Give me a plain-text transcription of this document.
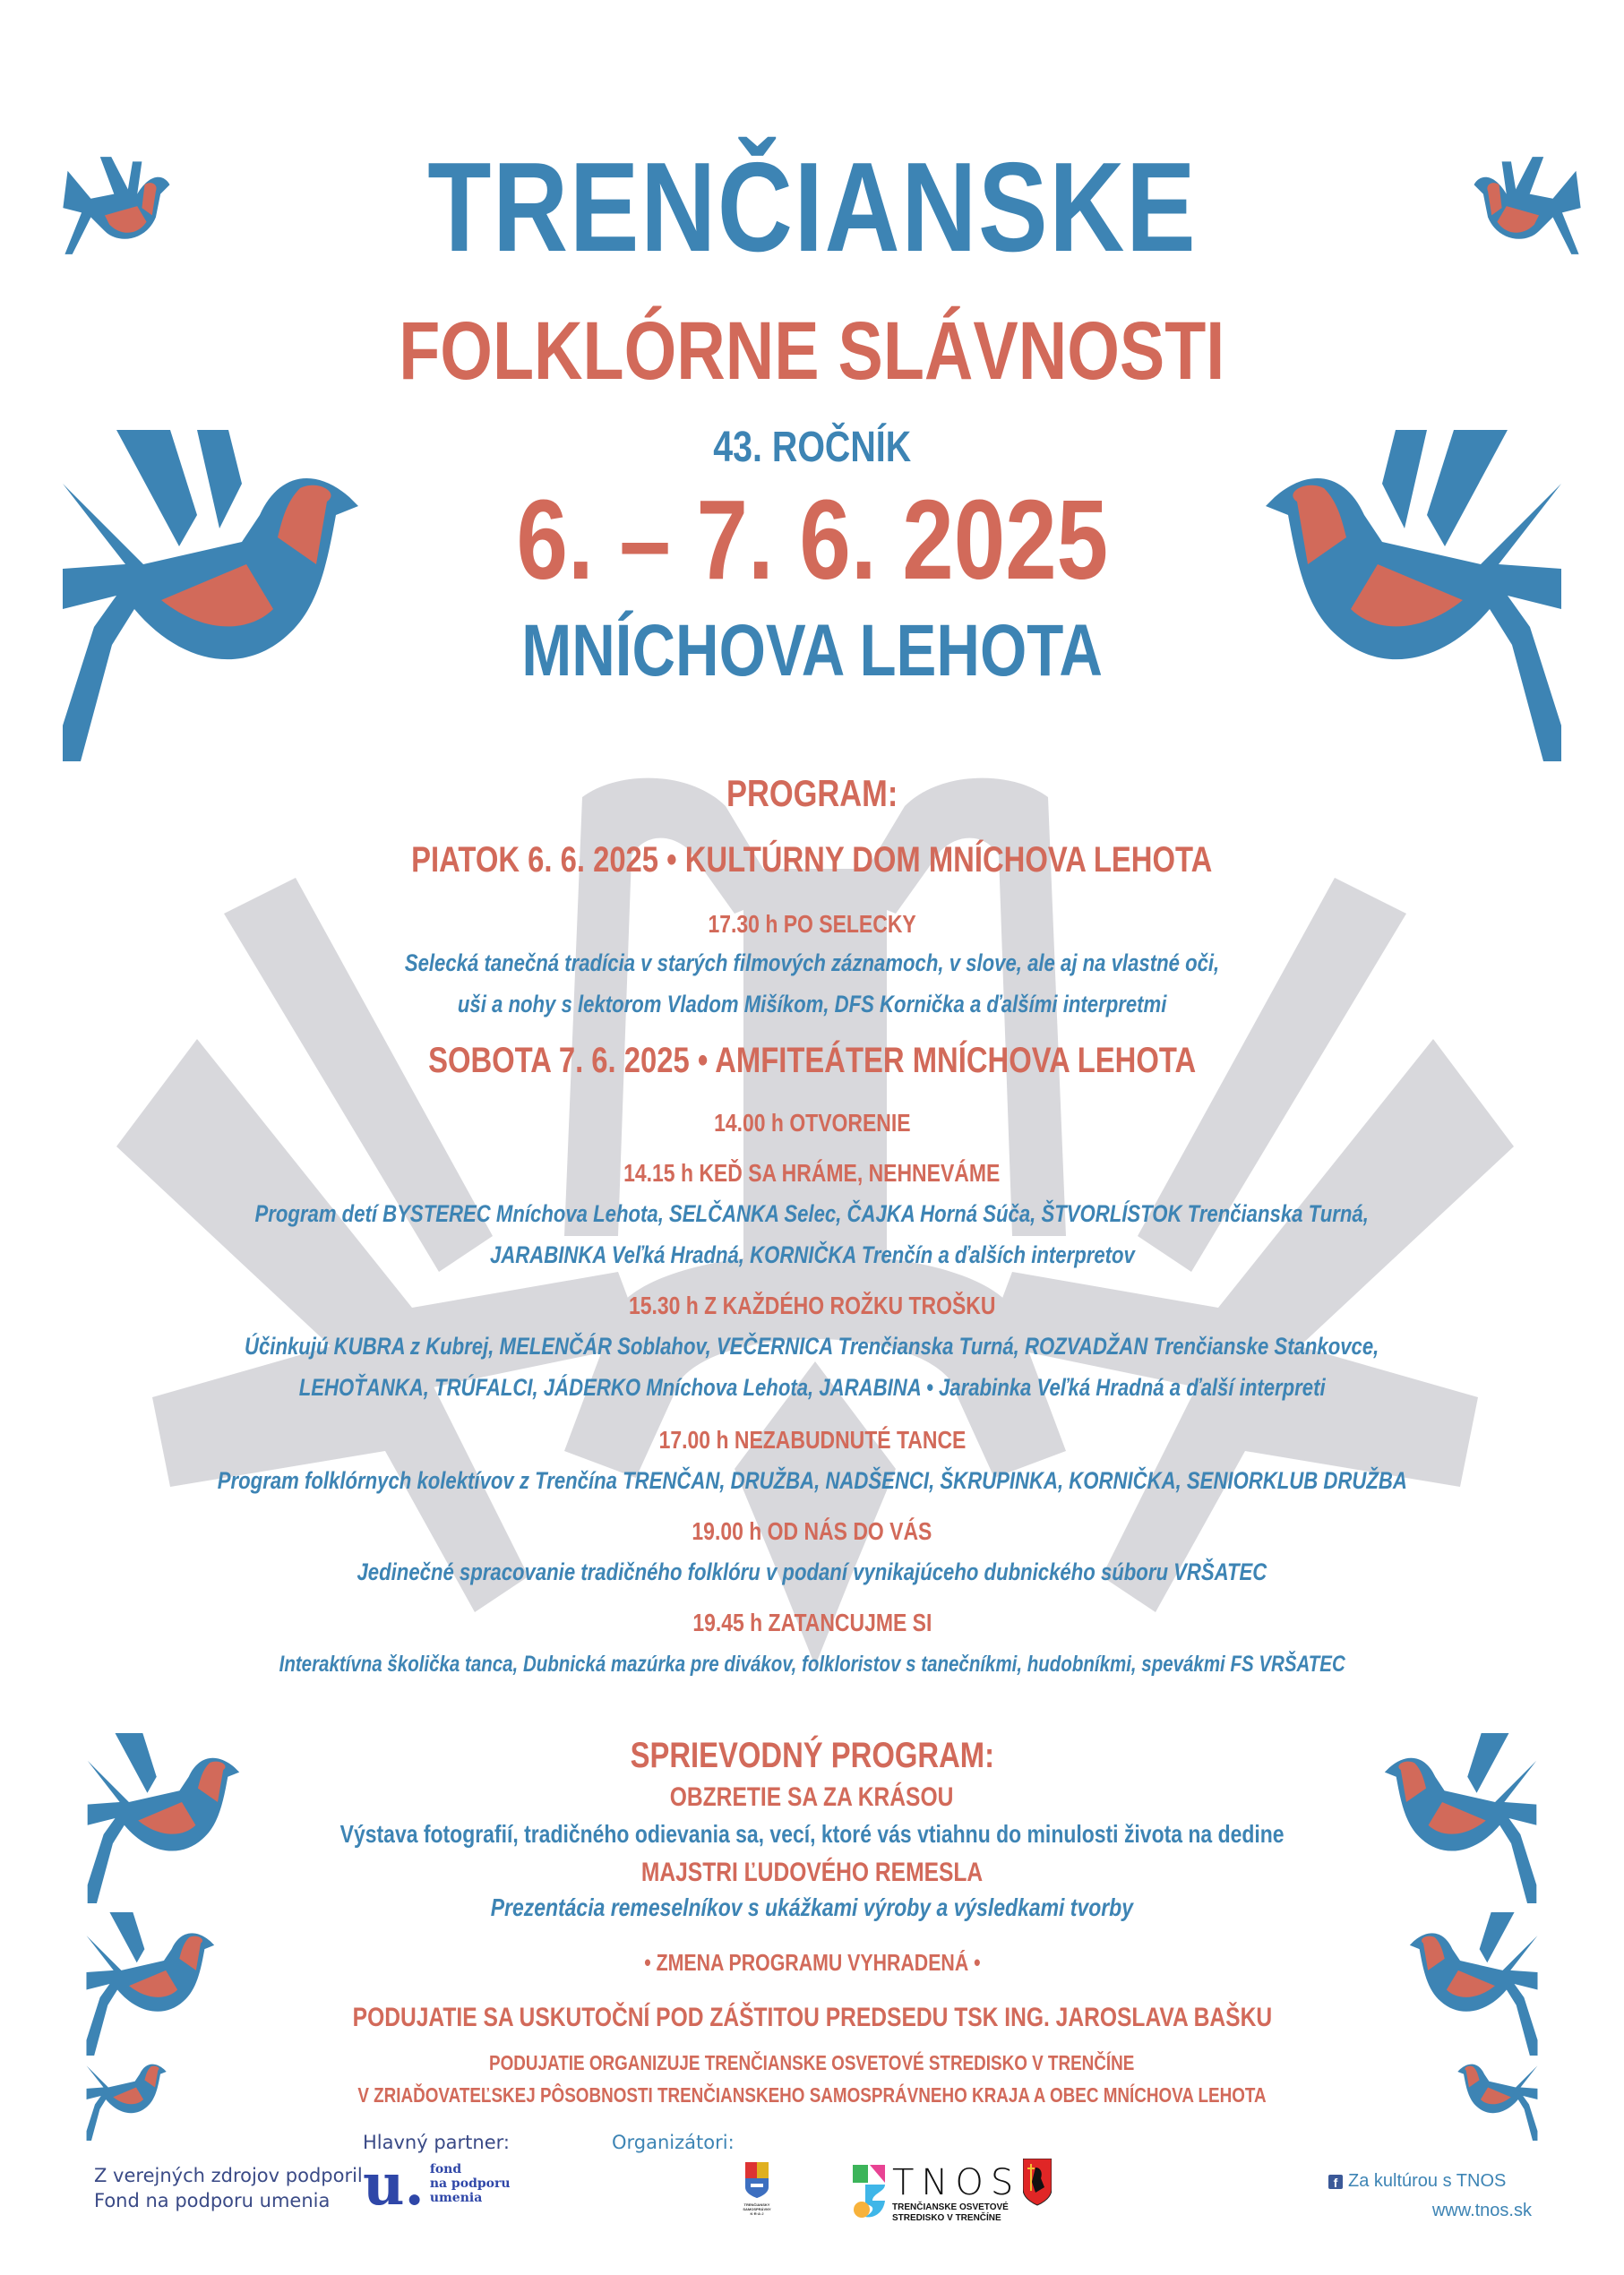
TRENČIANSKE
FOLKLÓRNE SLÁVNOSTI
43. ROČNÍK
6. – 7. 6. 2025
MNÍCHOVA LEHOTA
PROGRAM:
PIATOK 6. 6. 2025 • KULTÚRNY DOM MNÍCHOVA LEHOTA
17.30 h PO SELECKY
Selecká tanečná tradícia v starých filmových záznamoch, v slove, ale aj na vlastné oči,
uši a nohy s lektorom Vladom Mišíkom, DFS Kornička a ďalšími interpretmi
SOBOTA 7. 6. 2025 • AMFITEÁTER MNÍCHOVA LEHOTA
14.00 h OTVORENIE
14.15 h KEĎ SA HRÁME, NEHNEVÁME
Program detí BYSTEREC Mníchova Lehota, SELČANKA Selec, ČAJKA Horná Súča, ŠTVORLÍSTOK Trenčianska Turná,
JARABINKA Veľká Hradná, KORNIČKA Trenčín a ďalších interpretov
15.30 h Z KAŽDÉHO ROŽKU TROŠKU
Účinkujú KUBRA z Kubrej, MELENČÁR Soblahov, VEČERNICA Trenčianska Turná, ROZVADŽAN Trenčianske Stankovce,
LEHOŤANKA, TRÚFALCI, JÁDERKO Mníchova Lehota, JARABINA • Jarabinka Veľká Hradná a ďalší interpreti
17.00 h NEZABUDNUTÉ TANCE
Program folklórnych kolektívov z Trenčína TRENČAN, DRUŽBA, NADŠENCI, ŠKRUPINKA, KORNIČKA, SENIORKLUB DRUŽBA
19.00 h OD NÁS DO VÁS
Jedinečné spracovanie tradičného folklóru v podaní vynikajúceho dubnického súboru VRŠATEC
19.45 h ZATANCUJME SI
Interaktívna školička tanca, Dubnická mazúrka pre divákov, folkloristov s tanečníkmi, hudobníkmi, spevákmi FS VRŠATEC
SPRIEVODNÝ PROGRAM:
OBZRETIE SA ZA KRÁSOU
Výstava fotografií, tradičného odievania sa, vecí, ktoré vás vtiahnu do minulosti života na dedine
MAJSTRI ĽUDOVÉHO REMESLA
Prezentácia remeselníkov s ukážkami výroby a výsledkami tvorby
• ZMENA PROGRAMU VYHRADENÁ •
PODUJATIE SA USKUTOČNÍ POD ZÁŠTITOU PREDSEDU TSK ING. JAROSLAVA BAŠKU
PODUJATIE ORGANIZUJE TRENČIANSKE OSVETOVÉ STREDISKO V TRENČÍNE
V ZRIAĎOVATEĽSKEJ PÔSOBNOSTI TRENČIANSKEHO SAMOSPRÁVNEHO KRAJA A OBEC MNÍCHOVA LEHOTA
Z verejných zdrojov podporil
Fond na podporu umenia
Hlavný partner:
u. fond
na podporu
umenia
Organizátori:
TRENČIANSKY
SAMOSPRÁVNY
K·R·A·J
TNOS
TRENČIANSKE OSVETOVÉ
STREDISKO V TRENČÍNE
f Za kultúrou s TNOS
www.tnos.sk
